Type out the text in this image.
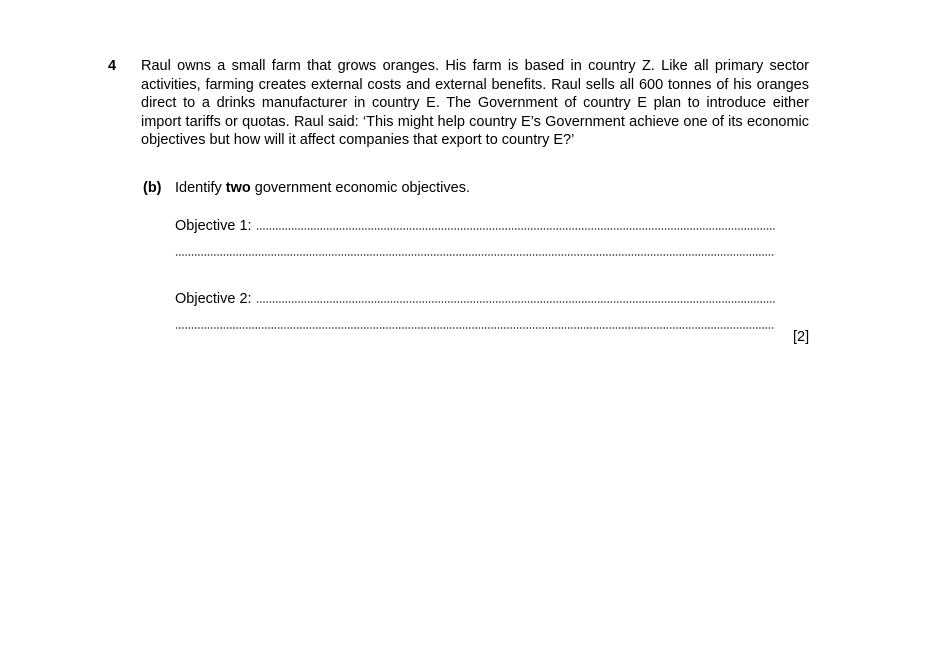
4 Raul owns a small farm that grows oranges. His farm is based in country Z. Like all primary sector activities, farming creates external costs and external benefits. Raul sells all 600 tonnes of his oranges direct to a drinks manufacturer in country E. The Government of country E plan to introduce either import tariffs or quotas. Raul said: ‘This might help country E’s Government achieve one of its economic objectives but how will it affect companies that export to country E?’
(b) Identify two government economic objectives.
Objective 1:
Objective 2:
[2]
